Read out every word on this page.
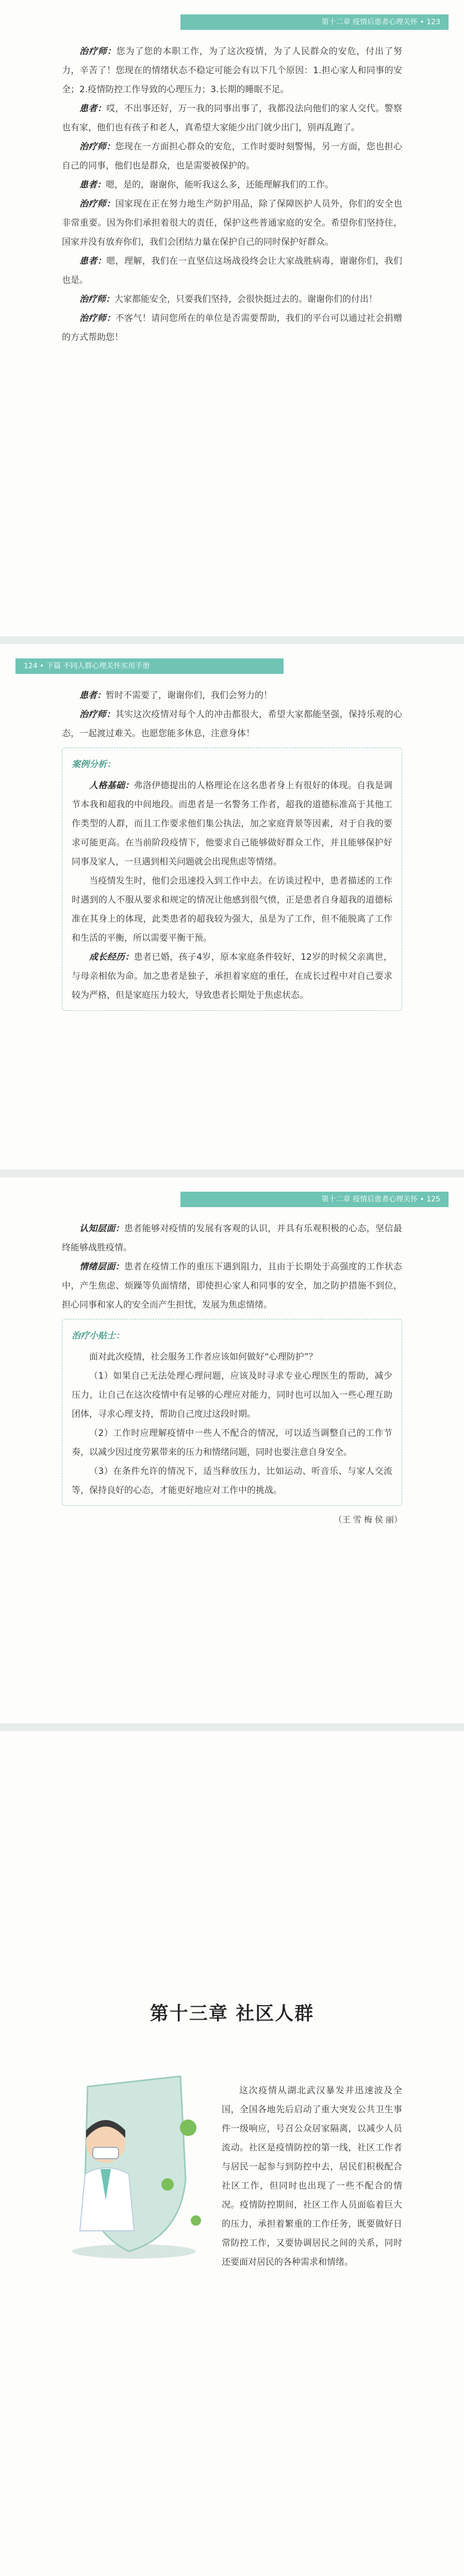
第十二章 疫情后患者心理关怀 • 123

治疗师：您为了您的本职工作，为了这次疫情，为了人民群众的安危，付出了努力，辛苦了！您现在的情绪状态不稳定可能会有以下几个原因：1.担心家人和同事的安全；2.疫情防控工作导致的心理压力；3.长期的睡眠不足。

患者：哎，不出事还好，万一我的同事出事了，我都没法向他们的家人交代。警察也有家，他们也有孩子和老人，真希望大家能少出门就少出门，别再乱跑了。

治疗师：您现在一方面担心群众的安危，工作时要时刻警惕，另一方面，您也担心自己的同事，他们也是群众，也是需要被保护的。

患者：嗯，是的，谢谢你，能听我这么多，还能理解我们的工作。

治疗师：国家现在正在努力地生产防护用品，除了保障医护人员外，你们的安全也非常重要。因为你们承担着很大的责任，保护这些普通家庭的安全。希望你们坚持住，国家并没有放弃你们，我们会团结力量在保护自己的同时保护好群众。

患者：嗯，理解，我们在一直坚信这场战役终会让大家战胜病毒，谢谢你们，我们也是。

治疗师：大家都能安全，只要我们坚持，会很快挺过去的。谢谢你们的付出！

治疗师：不客气！请问您所在的单位是否需要帮助，我们的平台可以通过社会捐赠的方式帮助您！

124 • 下篇 不同人群心理关怀实用手册

患者：暂时不需要了，谢谢你们，我们会努力的！

治疗师：其实这次疫情对每个人的冲击都很大，希望大家都能坚强，保持乐观的心态，一起渡过难关。也愿您能多休息，注意身体！

案例分析：

人格基础：弗洛伊德提出的人格理论在这名患者身上有很好的体现。自我是调节本我和超我的中间地段。而患者是一名警务工作者，超我的道德标准高于其他工作类型的人群，而且工作要求他们集公执法，加之家庭背景等因素，对于自我的要求可能更高。在当前阶段疫情下，他要求自己能够做好群众工作，并且能够保护好同事及家人，一旦遇到相关问题就会出现焦虑等情绪。

当疫情发生时，他们会迅速投入到工作中去。在访谈过程中，患者描述的工作时遇到的人不服从要求和规定的情况让他感到很气愤，正是患者自身超我的道德标准在其身上的体现，此类患者的超我较为强大，虽是为了工作，但不能脱离了工作和生活的平衡，所以需要平衡干预。

成长经历：患者已婚，孩子4岁，原本家庭条件较好，12岁的时候父亲离世，与母亲相依为命。加之患者是独子，承担着家庭的重任，在成长过程中对自己要求较为严格，但是家庭压力较大，导致患者长期处于焦虑状态。

第十二章 疫情后患者心理关怀 • 125

认知层面：患者能够对疫情的发展有客观的认识，并具有乐观积极的心态，坚信最终能够战胜疫情。

情绪层面：患者在疫情工作的重压下遇到阻力，且由于长期处于高强度的工作状态中，产生焦虑、烦躁等负面情绪，即使担心家人和同事的安全，加之防护措施不到位，担心同事和家人的安全而产生担忧，发展为焦虑情绪。

治疗小贴士：

面对此次疫情，社会服务工作者应该如何做好“心理防护”？

（1）如果自己无法处理心理问题，应该及时寻求专业心理医生的帮助，减少压力，让自己在这次疫情中有足够的心理应对能力，同时也可以加入一些心理互助团体，寻求心理支持，帮助自己度过这段时期。

（2）工作时应理解疫情中一些人不配合的情况，可以适当调整自己的工作节奏，以减少因过度劳累带来的压力和情绪问题，同时也要注意自身安全。

（3）在条件允许的情况下，适当释放压力，比如运动、听音乐、与家人交流等，保持良好的心态，才能更好地应对工作中的挑战。

（王 雪 梅 侯 丽）
第十三章 社区人群

这次疫情从湖北武汉暴发并迅速波及全国，全国各地先后启动了重大突发公共卫生事件一级响应，号召公众居家隔离，以减少人员流动。社区是疫情防控的第一线，社区工作者与居民一起参与到防控中去，居民们积极配合社区工作，但同时也出现了一些不配合的情况。疫情防控期间，社区工作人员面临着巨大的压力，承担着繁重的工作任务，既要做好日常防控工作，又要协调居民之间的关系，同时还要面对居民的各种需求和情绪。
